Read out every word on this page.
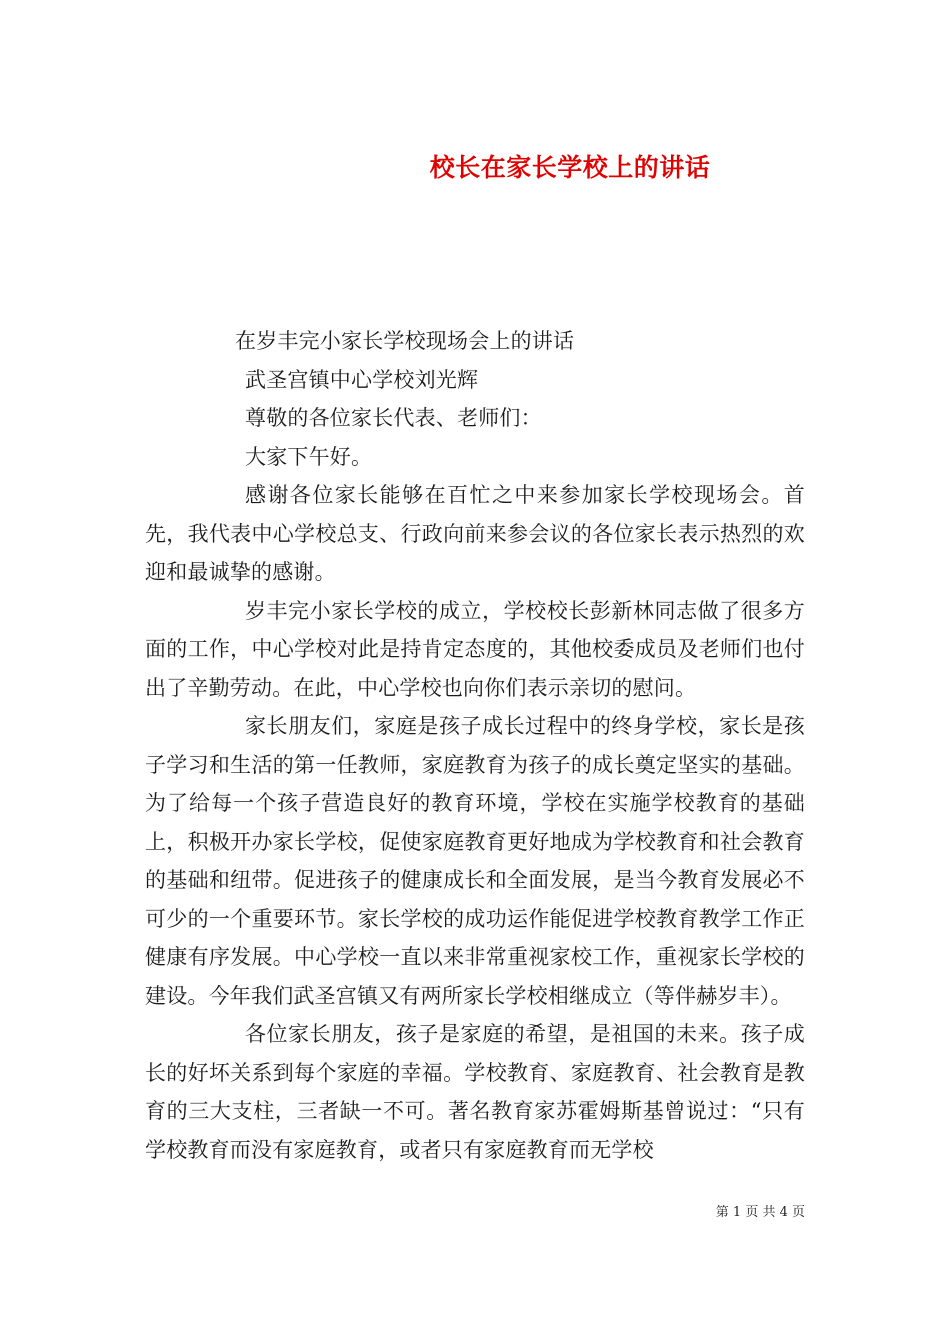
校长在家长学校上的讲话

在岁丰完小家长学校现场会上的讲话

武圣宫镇中心学校刘光辉

尊敬的各位家长代表、老师们：

大家下午好。

感谢各位家长能够在百忙之中来参加家长学校现场会。首先，我代表中心学校总支、行政向前来参会议的各位家长表示热烈的欢迎和最诚挚的感谢。

岁丰完小家长学校的成立，学校校长彭新林同志做了很多方面的工作，中心学校对此是持肯定态度的，其他校委成员及老师们也付出了辛勤劳动。在此，中心学校也向你们表示亲切的慰问。

家长朋友们，家庭是孩子成长过程中的终身学校，家长是孩子学习和生活的第一任教师，家庭教育为孩子的成长奠定坚实的基础。为了给每一个孩子营造良好的教育环境，学校在实施学校教育的基础上，积极开办家长学校，促使家庭教育更好地成为学校教育和社会教育的基础和纽带。促进孩子的健康成长和全面发展，是当今教育发展必不可少的一个重要环节。家长学校的成功运作能促进学校教育教学工作正健康有序发展。中心学校一直以来非常重视家校工作，重视家长学校的建设。今年我们武圣宫镇又有两所家长学校相继成立（等伴赫岁丰）。

各位家长朋友，孩子是家庭的希望，是祖国的未来。孩子成长的好坏关系到每个家庭的幸福。学校教育、家庭教育、社会教育是教育的三大支柱，三者缺一不可。著名教育家苏霍姆斯基曾说过：“只有学校教育而没有家庭教育，或者只有家庭教育而无学校

第 1 页 共 4 页
